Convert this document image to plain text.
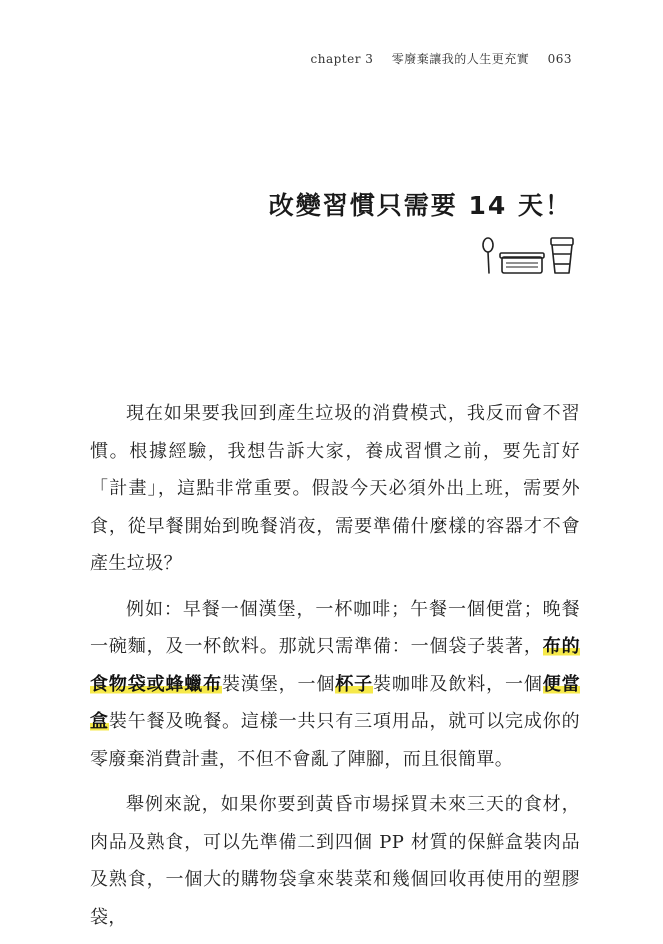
chapter 3 零廢棄讓我的人生更充實 063
改變習慣只需要 14 天！

現在如果要我回到產生垃圾的消費模式，我反而會不習慣。根據經驗，我想告訴大家，養成習慣之前，要先訂好「計畫」，這點非常重要。假設今天必須外出上班，需要外食，從早餐開始到晚餐消夜，需要準備什麼樣的容器才不會產生垃圾？

例如：早餐一個漢堡，一杯咖啡；午餐一個便當；晚餐一碗麵，及一杯飲料。那就只需準備：一個袋子裝著，布的食物袋或蜂蠟布裝漢堡，一個杯子裝咖啡及飲料，一個便當盒裝午餐及晚餐。這樣一共只有三項用品，就可以完成你的零廢棄消費計畫，不但不會亂了陣腳，而且很簡單。

舉例來說，如果你要到黃昏市場採買未來三天的食材，肉品及熟食，可以先準備二到四個 PP 材質的保鮮盒裝肉品及熟食，一個大的購物袋拿來裝菜和幾個回收再使用的塑膠袋，
